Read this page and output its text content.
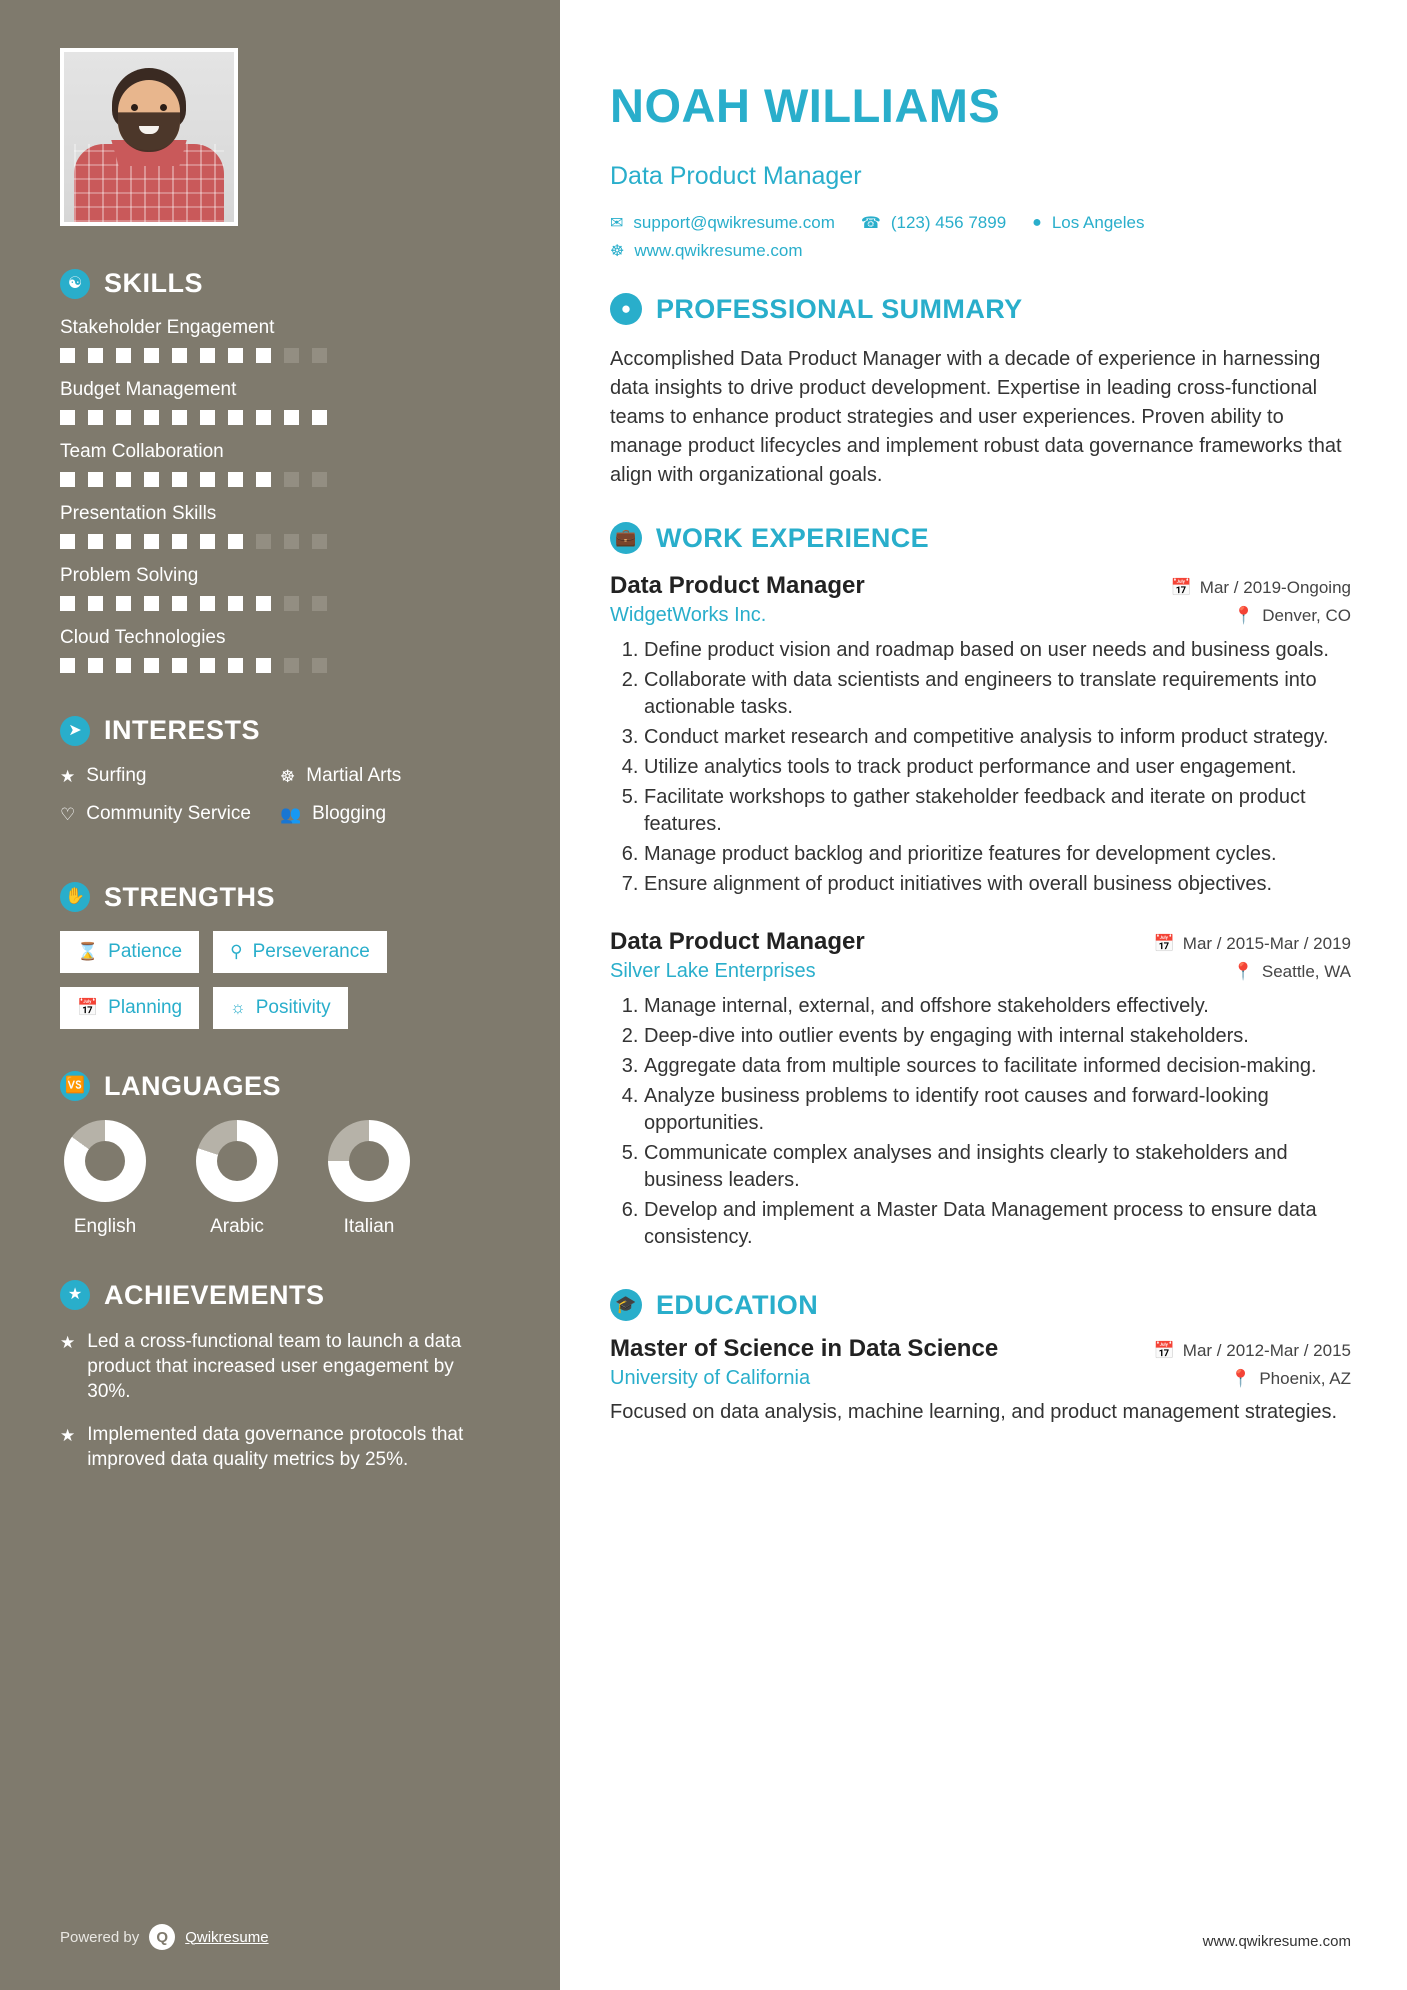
☯ SKILLS
Stakeholder Engagement
Budget Management
Team Collaboration
Presentation Skills
Problem Solving
Cloud Technologies
➤ INTERESTS
★ Surfing	☸ Martial Arts
♡ Community Service 👥 Blogging
✋ STRENGTHS
⌛ Patience	⚲ Perseverance
📅 Planning	☼ Positivity
🆚 LANGUAGES
English	Arabic	Italian
★ ACHIEVEMENTS
★ Led a cross-functional team to launch a data product that increased user engagement by 30%.
★ Implemented data governance protocols that improved data quality metrics by 25%.
Powered by	Q	Qwikresume
NOAH WILLIAMS
Data Product Manager
✉ support@qwikresume.com ☎ (123) 456 7899 ● Los Angeles
☸ www.qwikresume.com
● PROFESSIONAL SUMMARY

Accomplished Data Product Manager with a decade of experience in harnessing data insights to drive product development. Expertise in leading cross-functional teams to enhance product strategies and user experiences. Proven ability to manage product lifecycles and implement robust data governance frameworks that align with organizational goals.

💼 WORK EXPERIENCE
Data Product Manager	📅 Mar / 2019-Ongoing
WidgetWorks Inc.	📍 Denver, CO
1. Define product vision and roadmap based on user needs and business goals.
2. Collaborate with data scientists and engineers to translate requirements into actionable tasks.
3. Conduct market research and competitive analysis to inform product strategy.
4. Utilize analytics tools to track product performance and user engagement.
5. Facilitate workshops to gather stakeholder feedback and iterate on product features.
6. Manage product backlog and prioritize features for development cycles.
7. Ensure alignment of product initiatives with overall business objectives.
Data Product Manager	📅 Mar / 2015-Mar / 2019
Silver Lake Enterprises	📍 Seattle, WA
1. Manage internal, external, and offshore stakeholders effectively.
2. Deep-dive into outlier events by engaging with internal stakeholders.
3. Aggregate data from multiple sources to facilitate informed decision-making.
4. Analyze business problems to identify root causes and forward-looking opportunities.
5. Communicate complex analyses and insights clearly to stakeholders and business leaders.
6. Develop and implement a Master Data Management process to ensure data consistency.
🎓 EDUCATION
Master of Science in Data Science	📅 Mar / 2012-Mar / 2015
University of California	📍 Phoenix, AZ

Focused on data analysis, machine learning, and product management strategies.

www.qwikresume.com
